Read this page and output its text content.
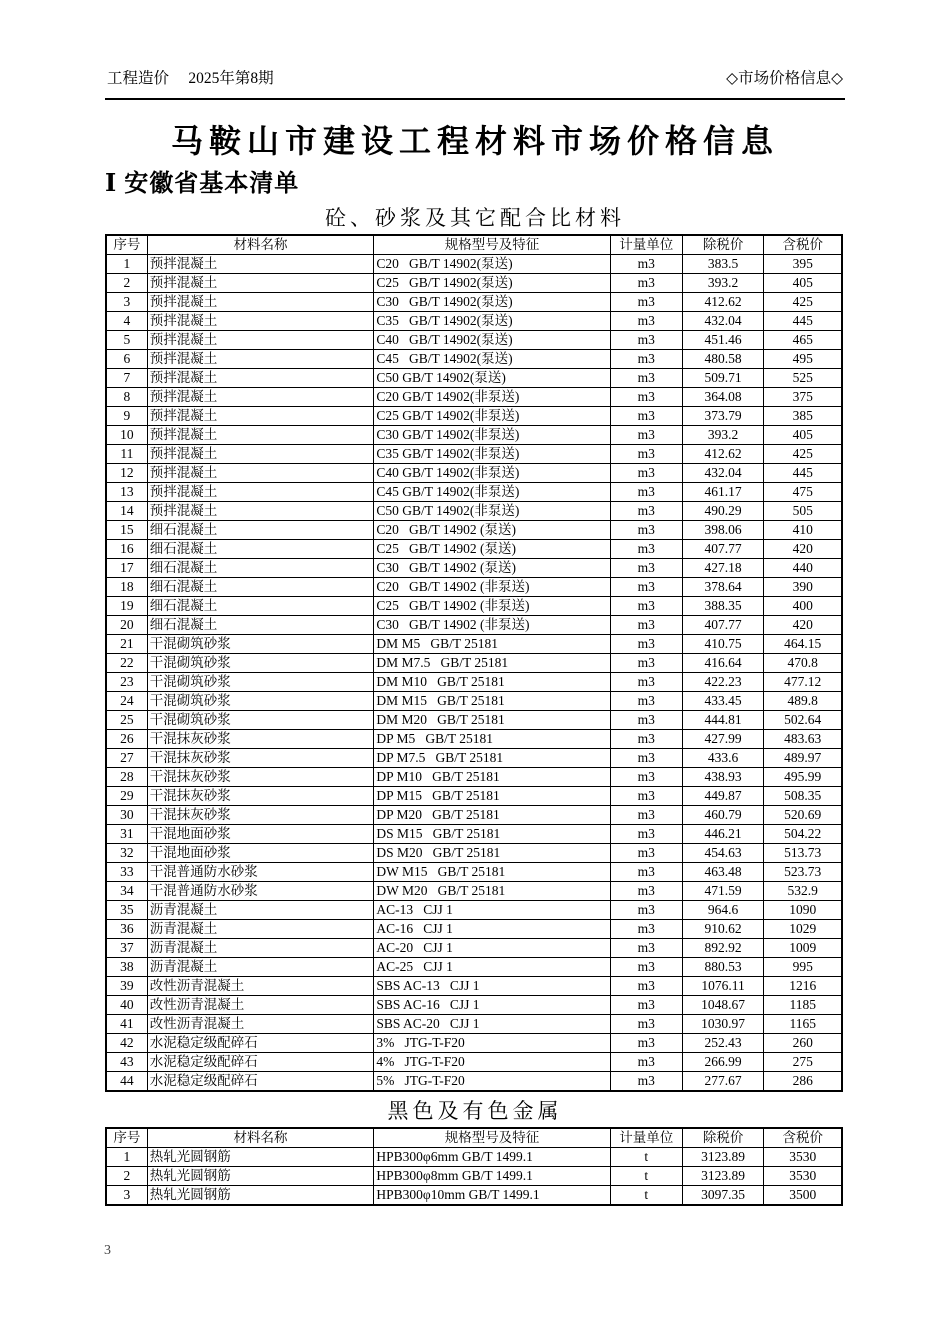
工程造价　 2025年第8期	◇市场价格信息◇
马鞍山市建设工程材料市场价格信息
Ⅰ 安徽省基本清单
砼、砂浆及其它配合比材料
序号	材料名称	规格型号及特征	计量单位	除税价	含税价
1	预拌混凝土	C20   GB/T 14902(泵送)	m3	383.5	395
2	预拌混凝土	C25   GB/T 14902(泵送)	m3	393.2	405
3	预拌混凝土	C30   GB/T 14902(泵送)	m3	412.62	425
4	预拌混凝土	C35   GB/T 14902(泵送)	m3	432.04	445
5	预拌混凝土	C40   GB/T 14902(泵送)	m3	451.46	465
6	预拌混凝土	C45   GB/T 14902(泵送)	m3	480.58	495
7	预拌混凝土	C50 GB/T 14902(泵送)	m3	509.71	525
8	预拌混凝土	C20 GB/T 14902(非泵送)	m3	364.08	375
9	预拌混凝土	C25 GB/T 14902(非泵送)	m3	373.79	385
10	预拌混凝土	C30 GB/T 14902(非泵送)	m3	393.2	405
11	预拌混凝土	C35 GB/T 14902(非泵送)	m3	412.62	425
12	预拌混凝土	C40 GB/T 14902(非泵送)	m3	432.04	445
13	预拌混凝土	C45 GB/T 14902(非泵送)	m3	461.17	475
14	预拌混凝土	C50 GB/T 14902(非泵送)	m3	490.29	505
15	细石混凝土	C20   GB/T 14902 (泵送)	m3	398.06	410
16	细石混凝土	C25   GB/T 14902 (泵送)	m3	407.77	420
17	细石混凝土	C30   GB/T 14902 (泵送)	m3	427.18	440
18	细石混凝土	C20   GB/T 14902 (非泵送)	m3	378.64	390
19	细石混凝土	C25   GB/T 14902 (非泵送)	m3	388.35	400
20	细石混凝土	C30   GB/T 14902 (非泵送)	m3	407.77	420
21	干混砌筑砂浆	DM M5   GB/T 25181	m3	410.75	464.15
22	干混砌筑砂浆	DM M7.5   GB/T 25181	m3	416.64	470.8
23	干混砌筑砂浆	DM M10   GB/T 25181	m3	422.23	477.12
24	干混砌筑砂浆	DM M15   GB/T 25181	m3	433.45	489.8
25	干混砌筑砂浆	DM M20   GB/T 25181	m3	444.81	502.64
26	干混抹灰砂浆	DP M5   GB/T 25181	m3	427.99	483.63
27	干混抹灰砂浆	DP M7.5   GB/T 25181	m3	433.6	489.97
28	干混抹灰砂浆	DP M10   GB/T 25181	m3	438.93	495.99
29	干混抹灰砂浆	DP M15   GB/T 25181	m3	449.87	508.35
30	干混抹灰砂浆	DP M20   GB/T 25181	m3	460.79	520.69
31	干混地面砂浆	DS M15   GB/T 25181	m3	446.21	504.22
32	干混地面砂浆	DS M20   GB/T 25181	m3	454.63	513.73
33	干混普通防水砂浆	DW M15   GB/T 25181	m3	463.48	523.73
34	干混普通防水砂浆	DW M20   GB/T 25181	m3	471.59	532.9
35	沥青混凝土	AC-13   CJJ 1	m3	964.6	1090
36	沥青混凝土	AC-16   CJJ 1	m3	910.62	1029
37	沥青混凝土	AC-20   CJJ 1	m3	892.92	1009
38	沥青混凝土	AC-25   CJJ 1	m3	880.53	995
39	改性沥青混凝土	SBS AC-13   CJJ 1	m3	1076.11	1216
40	改性沥青混凝土	SBS AC-16   CJJ 1	m3	1048.67	1185
41	改性沥青混凝土	SBS AC-20   CJJ 1	m3	1030.97	1165
42	水泥稳定级配碎石	3%   JTG-T-F20	m3	252.43	260
43	水泥稳定级配碎石	4%   JTG-T-F20	m3	266.99	275
44	水泥稳定级配碎石	5%   JTG-T-F20	m3	277.67	286
黑色及有色金属
序号	材料名称	规格型号及特征	计量单位	除税价	含税价
1	热轧光圆钢筋	HPB300φ6mm GB/T 1499.1	t	3123.89	3530
2	热轧光圆钢筋	HPB300φ8mm GB/T 1499.1	t	3123.89	3530
3	热轧光圆钢筋	HPB300φ10mm GB/T 1499.1	t	3097.35	3500
3
